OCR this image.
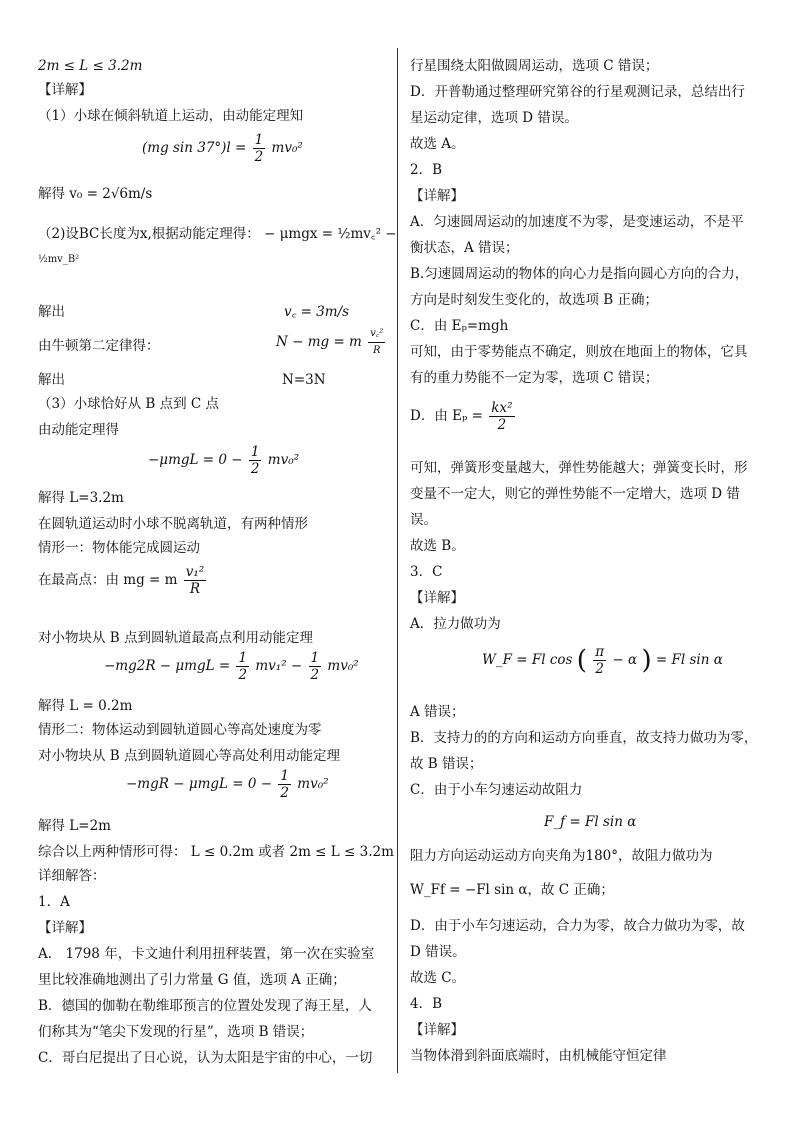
2m ≤ L ≤ 3.2m
【详解】
（1）小球在倾斜轨道上运动，由动能定理知
(mg $\sin 37^\circ)l = \frac{1}{2} mv_0^2$
解得 v₀ = 2√6m/s
（2)设BC长度为x,根据动能定理得： − μmgx = ½mv꜀² −
½mv_B²
解出	v꜀ = 3m/s
由牛顿第二定律得：	N − mg = m $\frac{\text{v꜀²}}{R}$
解出	N=3N
（3）小球恰好从 B 点到 C 点
由动能定理得
$-\mu mgL = 0 - \frac{1}{2} mv_0^2$
解得 L=3.2m
在圆轨道运动时小球不脱离轨道，有两种情形
情形一：物体能完成圆运动
在最高点：由 mg = m $\frac{\text{v₁²}}{R}$
对小物块从 B 点到圆轨道最高点利用动能定理
$-mg2R - \mu mgL = \frac{1}{2} mv_1^2 - \frac{1}{2} mv_0^2$
解得 L = 0.2m
情形二：物体运动到圆轨道圆心等高处速度为零
对小物块从 B 点到圆轨道圆心等高处利用动能定理
$-mgR - \mu mgL = 0 - \frac{1}{2} mv_0^2$
解得 L=2m
综合以上两种情形可得： L ≤ 0.2m 或者 2m ≤ L ≤ 3.2m
详细解答：
1．A
【详解】
A． 1798 年，卡文迪什利用扭秤装置，第一次在实验室
里比较准确地测出了引力常量 G 值，选项 A 正确；
B．德国的伽勒在勒维耶预言的位置处发现了海王星，人
们称其为“笔尖下发现的行星”，选项 B 错误；
C．哥白尼提出了日心说，认为太阳是宇宙的中心，一切
行星围绕太阳做圆周运动，选项 C 错误；
D．开普勒通过整理研究第谷的行星观测记录，总结出行
星运动定律，选项 D 错误。
故选 A。
2．B
【详解】
A．匀速圆周运动的加速度不为零，是变速运动，不是平
衡状态，A 错误；
B.匀速圆周运动的物体的向心力是指向圆心方向的合力，
方向是时刻发生变化的，故选项 B 正确；
C．由 Eₚ=mgh
可知，由于零势能点不确定，则放在地面上的物体，它具
有的重力势能不一定为零，选项 C 错误；
D．由 $E_p = \frac{\text{kx²}}{2}$
可知，弹簧形变量越大，弹性势能越大；弹簧变长时，形
变量不一定大，则它的弹性势能不一定增大，选项 D 错
误。
故选 B。
3．C
【详解】
A．拉力做功为
W_F = Fl cos ( $\frac{\pi}{2} - \alpha$ ) = Fl sin α
A 错误；
B．支持力的的方向和运动方向垂直，故支持力做功为零，
故 B 错误；
C．由于小车匀速运动故阻力
F_f = Fl sin α
阻力方向运动运动方向夹角为180°，故阻力做功为
W_Ff = −Fl sin α，故 C 正确；
D．由于小车匀速运动，合力为零，故合力做功为零，故
D 错误。
故选 C。
4．B
【详解】
当物体滑到斜面底端时，由机械能守恒定律
